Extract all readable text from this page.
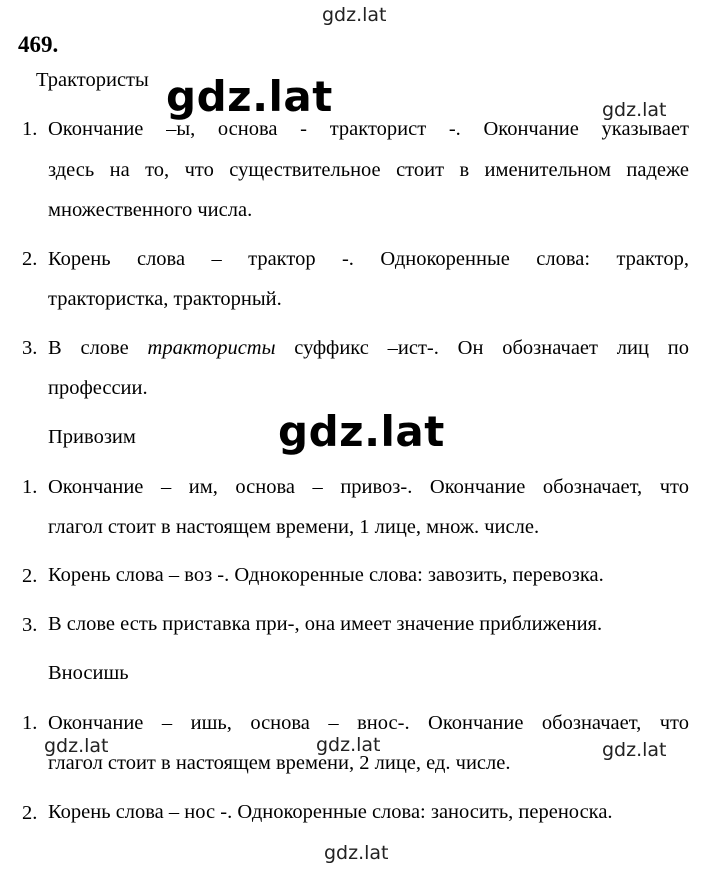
gdz.lat
gdz.lat	gdz.lat
gdz.lat
gdz.lat	gdz.lat	gdz.lat
gdz.lat
469.
Трактористы
1. Окончание –ы, основа - тракторист -. Окончание указывает
здесь на то, что существительное стоит в именительном падеже
множественного числа.
2. Корень слова – трактор -. Однокоренные слова: трактор,
трактористка, тракторный.
3. В слове трактористы суффикс –ист-. Он обозначает лиц по
профессии.
Привозим
1. Окончание – им, основа – привоз-. Окончание обозначает, что
глагол стоит в настоящем времени, 1 лице, множ. числе.
2. Корень слова – воз -. Однокоренные слова: завозить, перевозка.
3. В слове есть приставка при-, она имеет значение приближения.
Вносишь
1. Окончание – ишь, основа – внос-. Окончание обозначает, что
глагол стоит в настоящем времени, 2 лице, ед. числе.
2. Корень слова – нос -. Однокоренные слова: заносить, переноска.
